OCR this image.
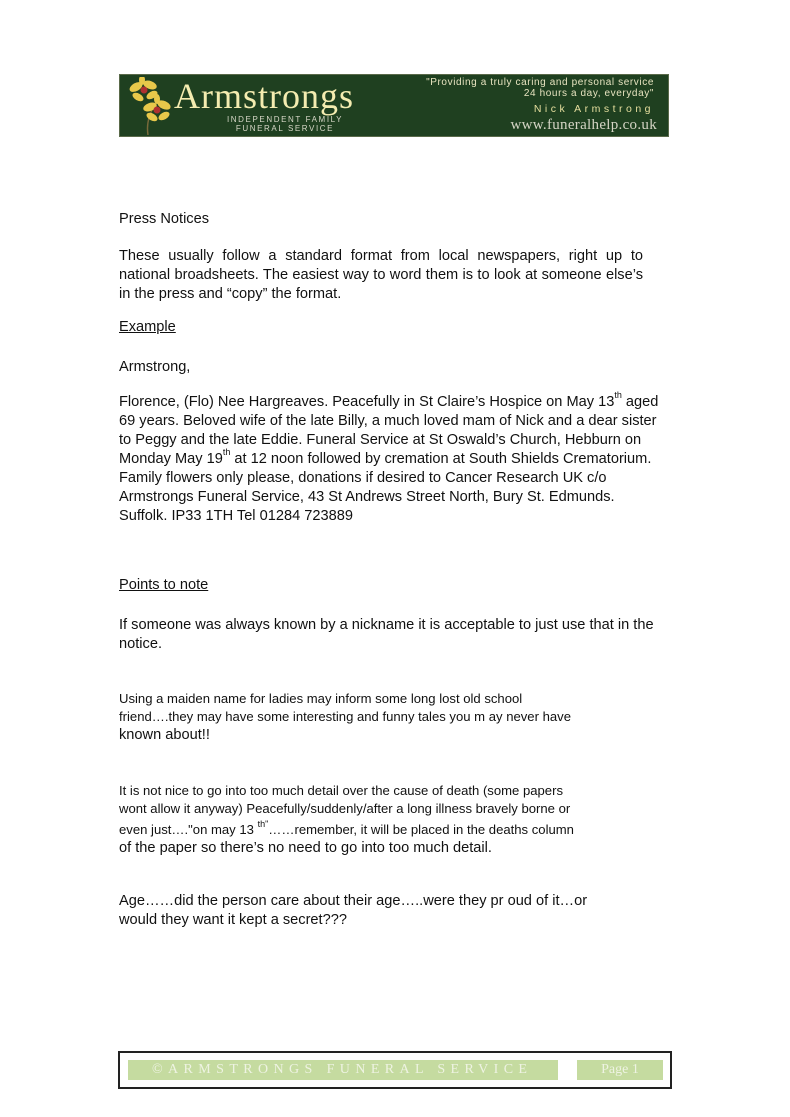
Armstrongs
INDEPENDENT FAMILY
FUNERAL SERVICE
"Providing a truly caring and personal service
24 hours a day, everyday"
Nick Armstrong
www.funeralhelp.co.uk

Press Notices

These usually follow a standard format from local newspapers, right up to national broadsheets. The easiest way to word them is to look at someone else’s in the press and “copy” the format.

Example

Armstrong,

Florence, (Flo) Nee Hargreaves. Peacefully in St Claire’s Hospice on May 13th aged 69 years. Beloved wife of the late Billy, a much loved mam of Nick and a dear sister to Peggy and the late Eddie. Funeral Service at St Oswald’s Church, Hebburn on Monday May 19th at 12 noon followed by cremation at South Shields Crematorium. Family flowers only please, donations if desired to Cancer Research UK c/o Armstrongs Funeral Service, 43 St Andrews Street North, Bury St. Edmunds. Suffolk. IP33 1TH Tel 01284 723889

Points to note

If someone was always known by a nickname it is acceptable to just use that in the notice.

Using a maiden name for ladies may inform some long lost old school
friend….they may have some interesting and funny tales you m ay never have
known about!!
It is not nice to go into too much detail over the cause of death (some papers
wont allow it anyway) Peacefully/suddenly/after a long illness bravely borne or
even just…."on may 13 $^{th"}$……remember, it will be placed in the deaths column
of the paper so there’s no need to go into too much detail.
Age……did the person care about their age…..were they pr oud of it…or
would they want it kept a secret???
©ARMSTRONGS FUNERAL SERVICE	Page 1
